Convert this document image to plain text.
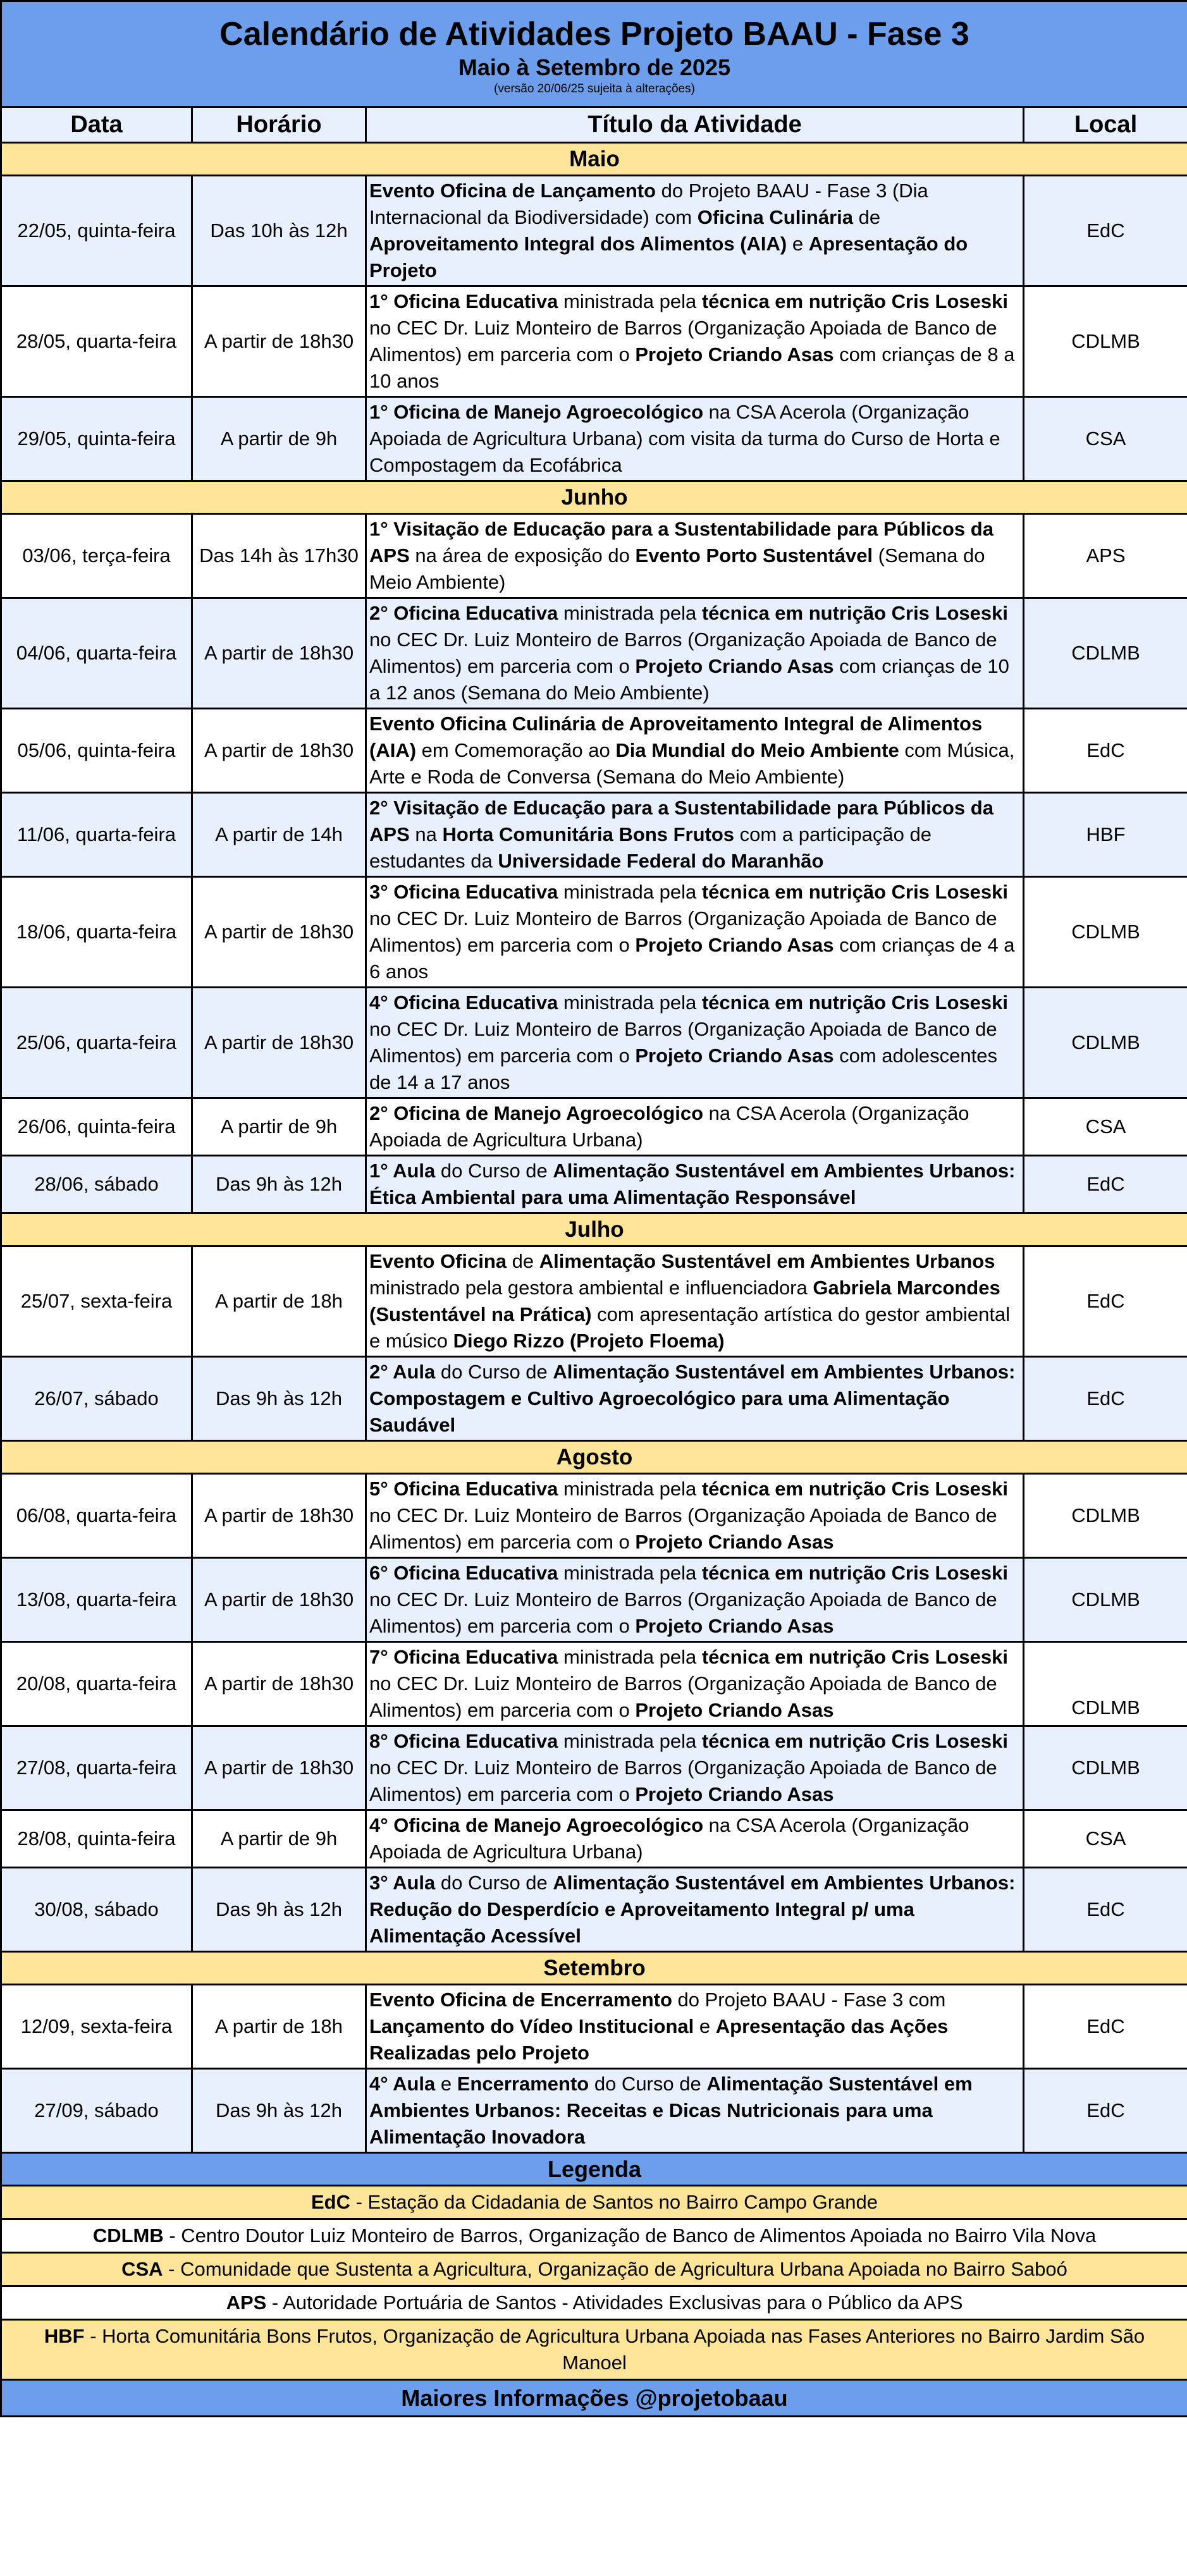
Calendário de Atividades Projeto BAAU - Fase 3
Maio à Setembro de 2025
(versão 20/06/25 sujeita à alterações)			

Data	Horário	Título da Atividade	Local
Maio			
22/05, quinta-feira	Das 10h às 12h	Evento Oficina de Lançamento do Projeto BAAU - Fase 3 (Dia Internacional da Biodiversidade) com Oficina Culinária de Aproveitamento Integral dos Alimentos (AIA) e Apresentação do Projeto	EdC
28/05, quarta-feira	A partir de 18h30	1° Oficina Educativa ministrada pela técnica em nutrição Cris Loseski no CEC Dr. Luiz Monteiro de Barros (Organização Apoiada de Banco de Alimentos) em parceria com o Projeto Criando Asas com crianças de 8 a 10 anos	CDLMB
29/05, quinta-feira	A partir de 9h	1° Oficina de Manejo Agroecológico na CSA Acerola (Organização Apoiada de Agricultura Urbana) com visita da turma do Curso de Horta e Compostagem da Ecofábrica	CSA
Junho			
03/06, terça-feira	Das 14h às 17h30	1° Visitação de Educação para a Sustentabilidade para Públicos da APS na área de exposição do Evento Porto Sustentável (Semana do Meio Ambiente)	APS
04/06, quarta-feira	A partir de 18h30	2° Oficina Educativa ministrada pela técnica em nutrição Cris Loseski no CEC Dr. Luiz Monteiro de Barros (Organização Apoiada de Banco de Alimentos) em parceria com o Projeto Criando Asas com crianças de 10 a 12 anos (Semana do Meio Ambiente)	CDLMB
05/06, quinta-feira	A partir de 18h30	Evento Oficina Culinária de Aproveitamento Integral de Alimentos (AIA) em Comemoração ao Dia Mundial do Meio Ambiente com Música, Arte e Roda de Conversa (Semana do Meio Ambiente)	EdC
11/06, quarta-feira	A partir de 14h	2° Visitação de Educação para a Sustentabilidade para Públicos da APS na Horta Comunitária Bons Frutos com a participação de estudantes da Universidade Federal do Maranhão	HBF
18/06, quarta-feira	A partir de 18h30	3° Oficina Educativa ministrada pela técnica em nutrição Cris Loseski no CEC Dr. Luiz Monteiro de Barros (Organização Apoiada de Banco de Alimentos) em parceria com o Projeto Criando Asas com crianças de 4 a 6 anos	CDLMB
25/06, quarta-feira	A partir de 18h30	4° Oficina Educativa ministrada pela técnica em nutrição Cris Loseski no CEC Dr. Luiz Monteiro de Barros (Organização Apoiada de Banco de Alimentos) em parceria com o Projeto Criando Asas com adolescentes de 14 a 17 anos	CDLMB
26/06, quinta-feira	A partir de 9h	2° Oficina de Manejo Agroecológico na CSA Acerola (Organização Apoiada de Agricultura Urbana)	CSA
28/06, sábado	Das 9h às 12h	1° Aula do Curso de Alimentação Sustentável em Ambientes Urbanos: Ética Ambiental para uma Alimentação Responsável	EdC
Julho			
25/07, sexta-feira	A partir de 18h	Evento Oficina de Alimentação Sustentável em Ambientes Urbanos ministrado pela gestora ambiental e influenciadora Gabriela Marcondes (Sustentável na Prática) com apresentação artística do gestor ambiental e músico Diego Rizzo (Projeto Floema)	EdC
26/07, sábado	Das 9h às 12h	2° Aula do Curso de Alimentação Sustentável em Ambientes Urbanos: Compostagem e Cultivo Agroecológico para uma Alimentação Saudável	EdC
Agosto			
06/08, quarta-feira	A partir de 18h30	5° Oficina Educativa ministrada pela técnica em nutrição Cris Loseski no CEC Dr. Luiz Monteiro de Barros (Organização Apoiada de Banco de Alimentos) em parceria com o Projeto Criando Asas	CDLMB
13/08, quarta-feira	A partir de 18h30	6° Oficina Educativa ministrada pela técnica em nutrição Cris Loseski no CEC Dr. Luiz Monteiro de Barros (Organização Apoiada de Banco de Alimentos) em parceria com o Projeto Criando Asas	CDLMB
20/08, quarta-feira	A partir de 18h30	7° Oficina Educativa ministrada pela técnica em nutrição Cris Loseski no CEC Dr. Luiz Monteiro de Barros (Organização Apoiada de Banco de Alimentos) em parceria com o Projeto Criando Asas	CDLMB
27/08, quarta-feira	A partir de 18h30	8° Oficina Educativa ministrada pela técnica em nutrição Cris Loseski no CEC Dr. Luiz Monteiro de Barros (Organização Apoiada de Banco de Alimentos) em parceria com o Projeto Criando Asas	CDLMB
28/08, quinta-feira	A partir de 9h	4° Oficina de Manejo Agroecológico na CSA Acerola (Organização Apoiada de Agricultura Urbana)	CSA
30/08, sábado	Das 9h às 12h	3° Aula do Curso de Alimentação Sustentável em Ambientes Urbanos: Redução do Desperdício e Aproveitamento Integral p/ uma Alimentação Acessível	EdC
Setembro			
12/09, sexta-feira	A partir de 18h	Evento Oficina de Encerramento do Projeto BAAU - Fase 3 com Lançamento do Vídeo Institucional e Apresentação das Ações Realizadas pelo Projeto	EdC
27/09, sábado	Das 9h às 12h	4° Aula e Encerramento do Curso de Alimentação Sustentável em Ambientes Urbanos: Receitas e Dicas Nutricionais para uma Alimentação Inovadora	EdC
Legenda			
EdC - Estação da Cidadania de Santos no Bairro Campo Grande			
CDLMB - Centro Doutor Luiz Monteiro de Barros, Organização de Banco de Alimentos Apoiada no Bairro Vila Nova			
CSA - Comunidade que Sustenta a Agricultura, Organização de Agricultura Urbana Apoiada no Bairro Saboó			
APS - Autoridade Portuária de Santos - Atividades Exclusivas para o Público da APS			
HBF - Horta Comunitária Bons Frutos, Organização de Agricultura Urbana Apoiada nas Fases Anteriores no Bairro Jardim São Manoel			
Maiores Informações @projetobaau			
